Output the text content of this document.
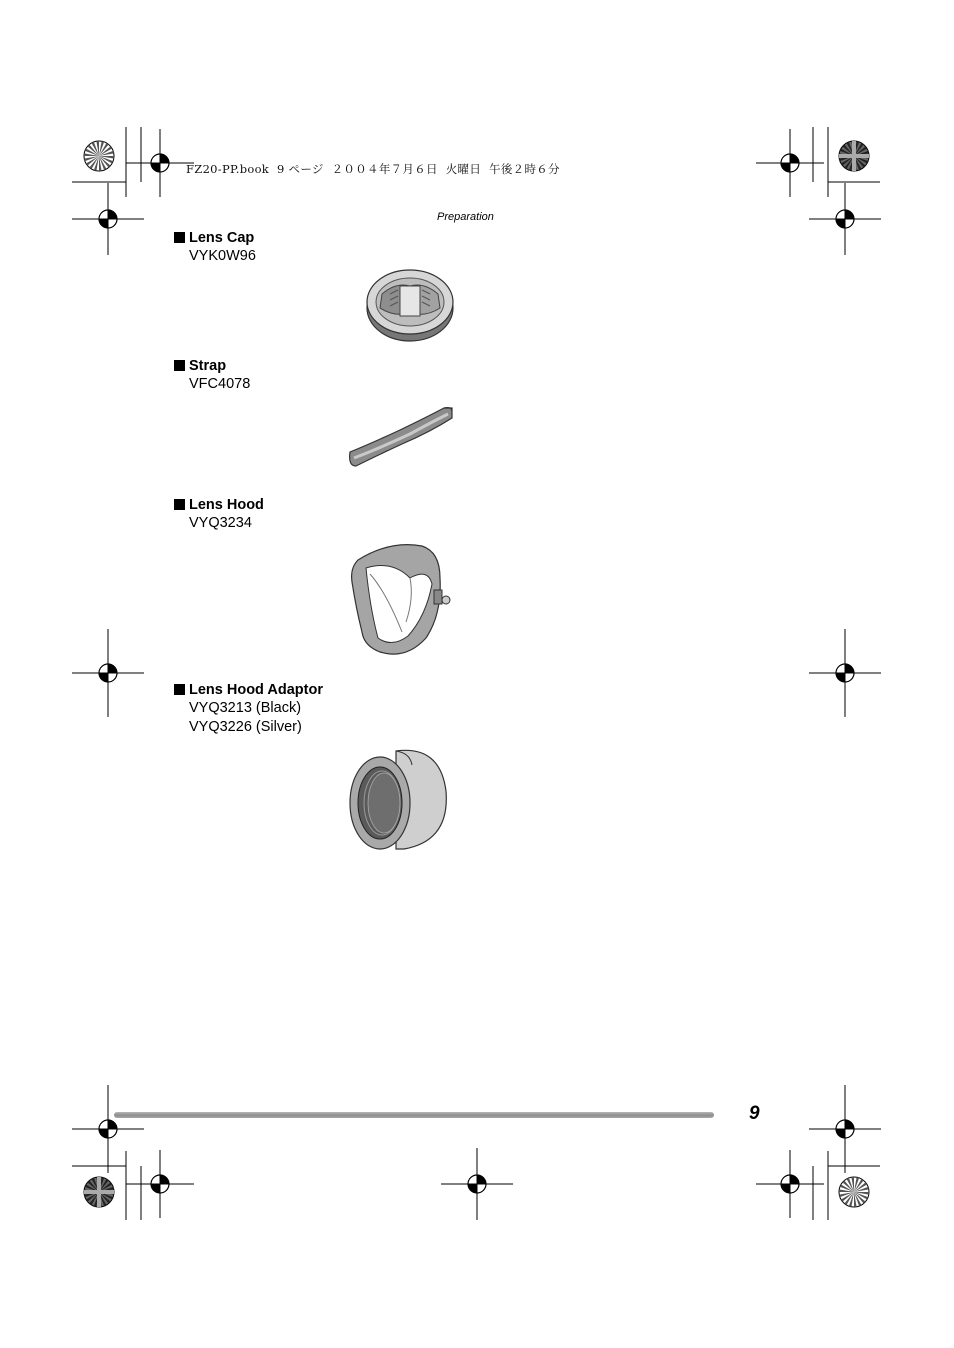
FZ20-PP.book  9 ページ  ２００４年７月６日  火曜日  午後２時６分
Preparation
Lens Cap
VYK0W96
Strap
VFC4078
Lens Hood
VYQ3234
Lens Hood Adaptor
VYQ3213 (Black)
VYQ3226 (Silver)
9
